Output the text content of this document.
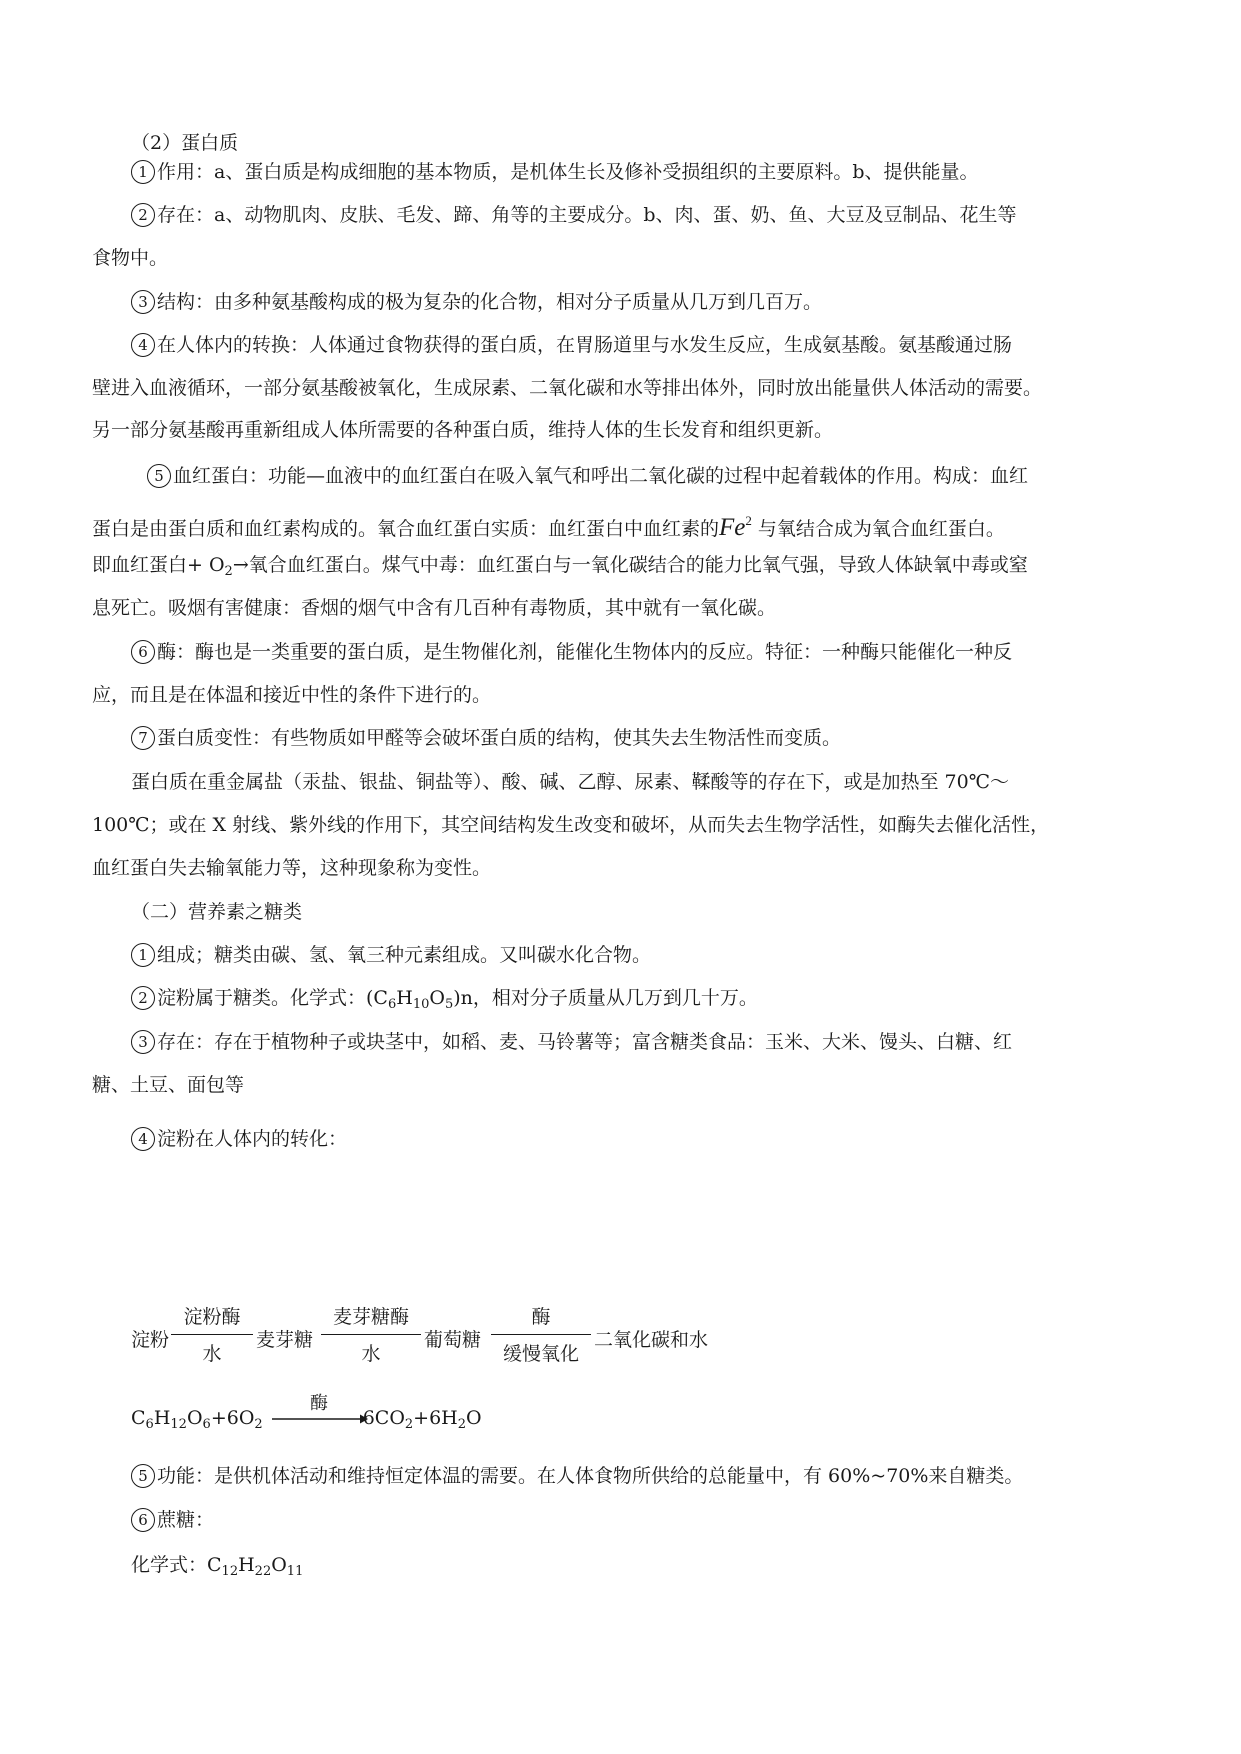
（2）蛋白质
1 作用：a、蛋白质是构成细胞的基本物质，是机体生长及修补受损组织的主要原料。b、提供能量。
2 存在：a、动物肌肉、皮肤、毛发、蹄、角等的主要成分。b、肉、蛋、奶、鱼、大豆及豆制品、花生等
食物中。
3 结构：由多种氨基酸构成的极为复杂的化合物，相对分子质量从几万到几百万。
4 在人体内的转换：人体通过食物获得的蛋白质，在胃肠道里与水发生反应，生成氨基酸。氨基酸通过肠
壁进入血液循环，一部分氨基酸被氧化，生成尿素、二氧化碳和水等排出体外，同时放出能量供人体活动的需要。
另一部分氨基酸再重新组成人体所需要的各种蛋白质，维持人体的生长发育和组织更新。
5 血红蛋白：功能—血液中的血红蛋白在吸入氧气和呼出二氧化碳的过程中起着载体的作用。构成：血红
蛋白是由蛋白质和血红素构成的。氧合血红蛋白实质：血红蛋白中血红素的Fe$^2$ 与氧结合成为氧合血红蛋白。
即血红蛋白+ $O_2\to$氧合血红蛋白。煤气中毒：血红蛋白与一氧化碳结合的能力比氧气强，导致人体缺氧中毒或窒
息死亡。吸烟有害健康：香烟的烟气中含有几百种有毒物质，其中就有一氧化碳。
6 酶：酶也是一类重要的蛋白质，是生物催化剂，能催化生物体内的反应。特征：一种酶只能催化一种反
应，而且是在体温和接近中性的条件下进行的。
7 蛋白质变性：有些物质如甲醛等会破坏蛋白质的结构，使其失去生物活性而变质。
蛋白质在重金属盐（汞盐、银盐、铜盐等）、酸、碱、乙醇、尿素、鞣酸等的存在下，或是加热至 70℃～
100℃；或在 X 射线、紫外线的作用下，其空间结构发生改变和破坏，从而失去生物学活性，如酶失去催化活性，
血红蛋白失去输氧能力等，这种现象称为变性。
（二）营养素之糖类
1 组成；糖类由碳、氢、氧三种元素组成。又叫碳水化合物。
2 淀粉属于糖类。化学式：$(C_6H_{10}O_5)n$，相对分子质量从几万到几十万。
3 存在：存在于植物种子或块茎中，如稻、麦、马铃薯等；富含糖类食品：玉米、大米、馒头、白糖、红
糖、土豆、面包等
4 淀粉在人体内的转化：
淀粉
淀粉酶
水
麦芽糖
麦芽糖酶
水
葡萄糖
酶
缓慢氧化
二氧化碳和水
酶
$C_6H_{12}O_6+6O_2$	$6CO_2+6H_2O$
5 功能：是供机体活动和维持恒定体温的需要。在人体食物所供给的总能量中，有 60%~70%来自糖类。
6 蔗糖：
化学式：$C_{12}H_{22}O_{11}$
